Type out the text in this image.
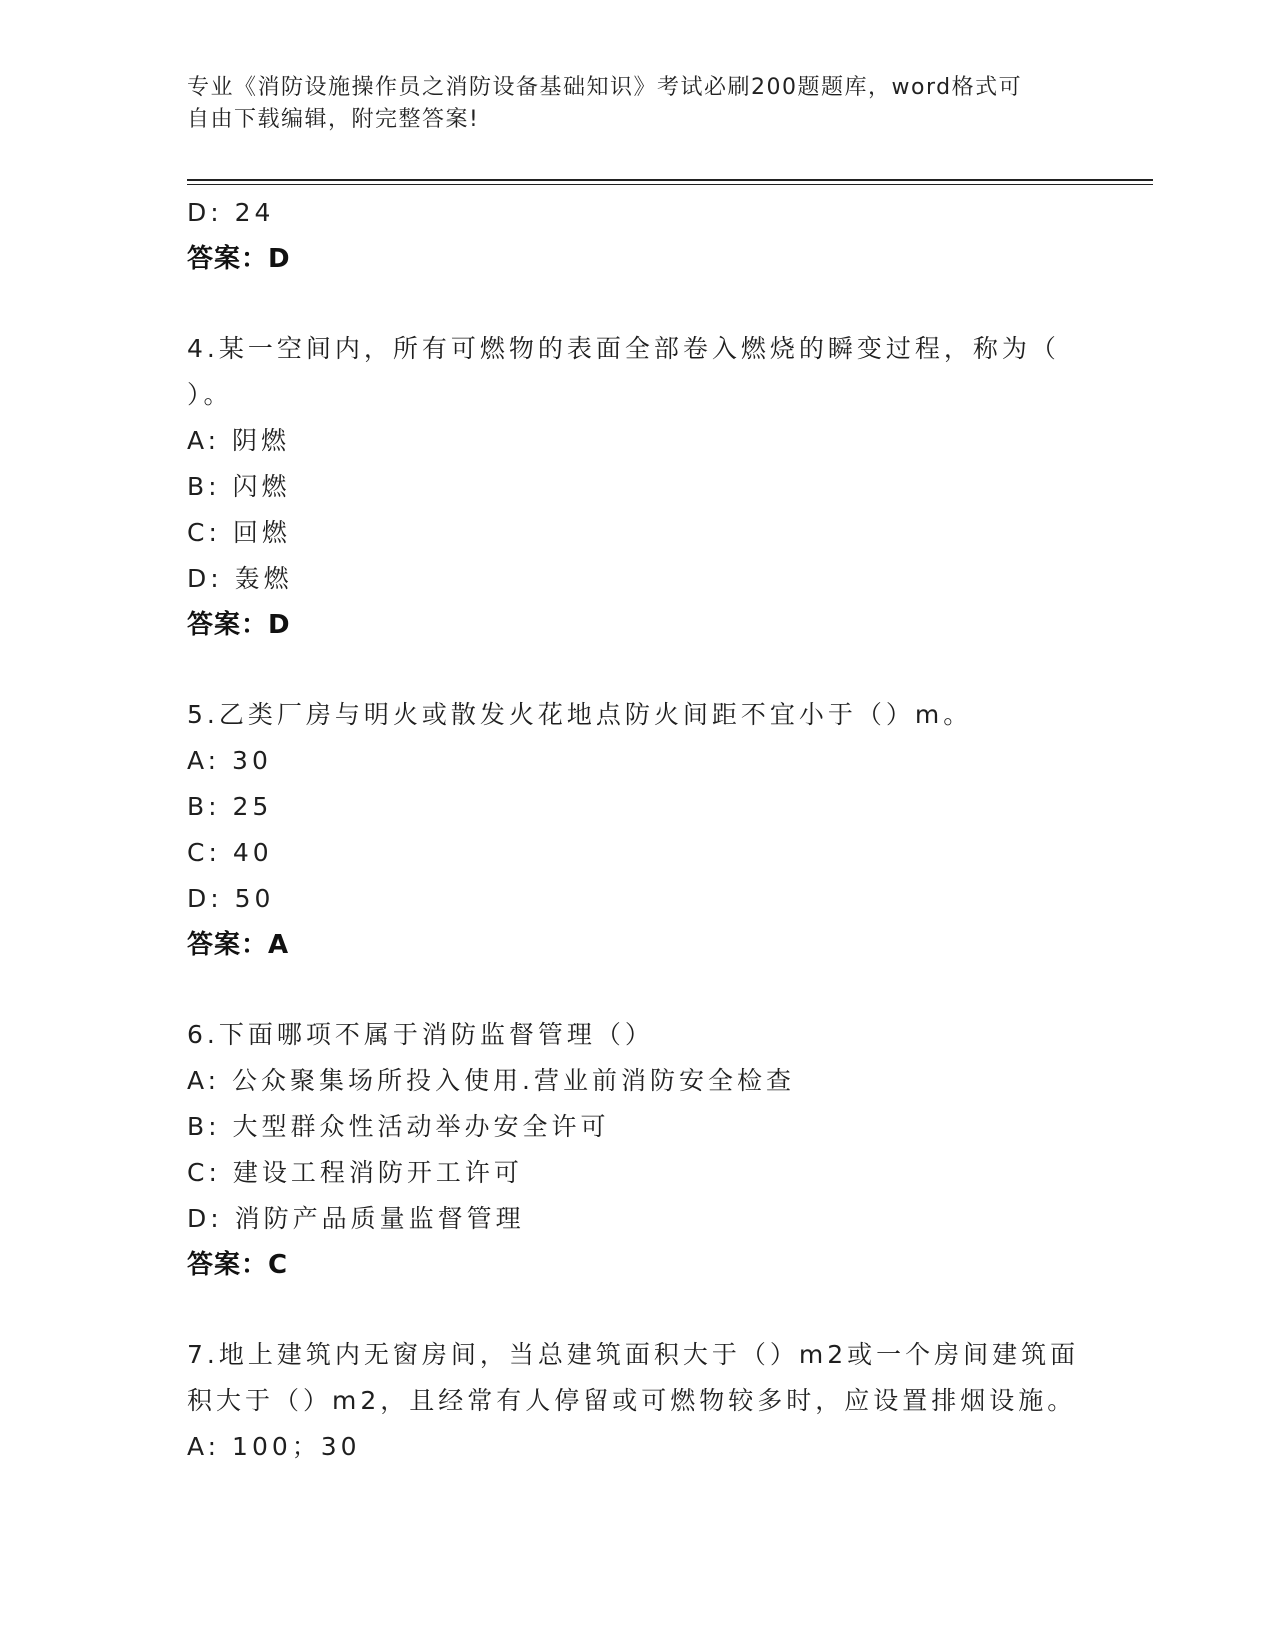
专业《消防设施操作员之消防设备基础知识》考试必刷200题题库，word格式可
自由下载编辑，附完整答案!
D: 24
答案：D
4.某一空间内，所有可燃物的表面全部卷入燃烧的瞬变过程，称为（
）。
A: 阴燃
B: 闪燃
C: 回燃
D: 轰燃
答案：D
5.乙类厂房与明火或散发火花地点防火间距不宜小于（）m。
A: 30
B: 25
C: 40
D: 50
答案：A
6.下面哪项不属于消防监督管理（）
A: 公众聚集场所投入使用.营业前消防安全检查
B: 大型群众性活动举办安全许可
C: 建设工程消防开工许可
D: 消防产品质量监督管理
答案：C
7.地上建筑内无窗房间，当总建筑面积大于（）m2或一个房间建筑面
积大于（）m2，且经常有人停留或可燃物较多时，应设置排烟设施。
A: 100；30
